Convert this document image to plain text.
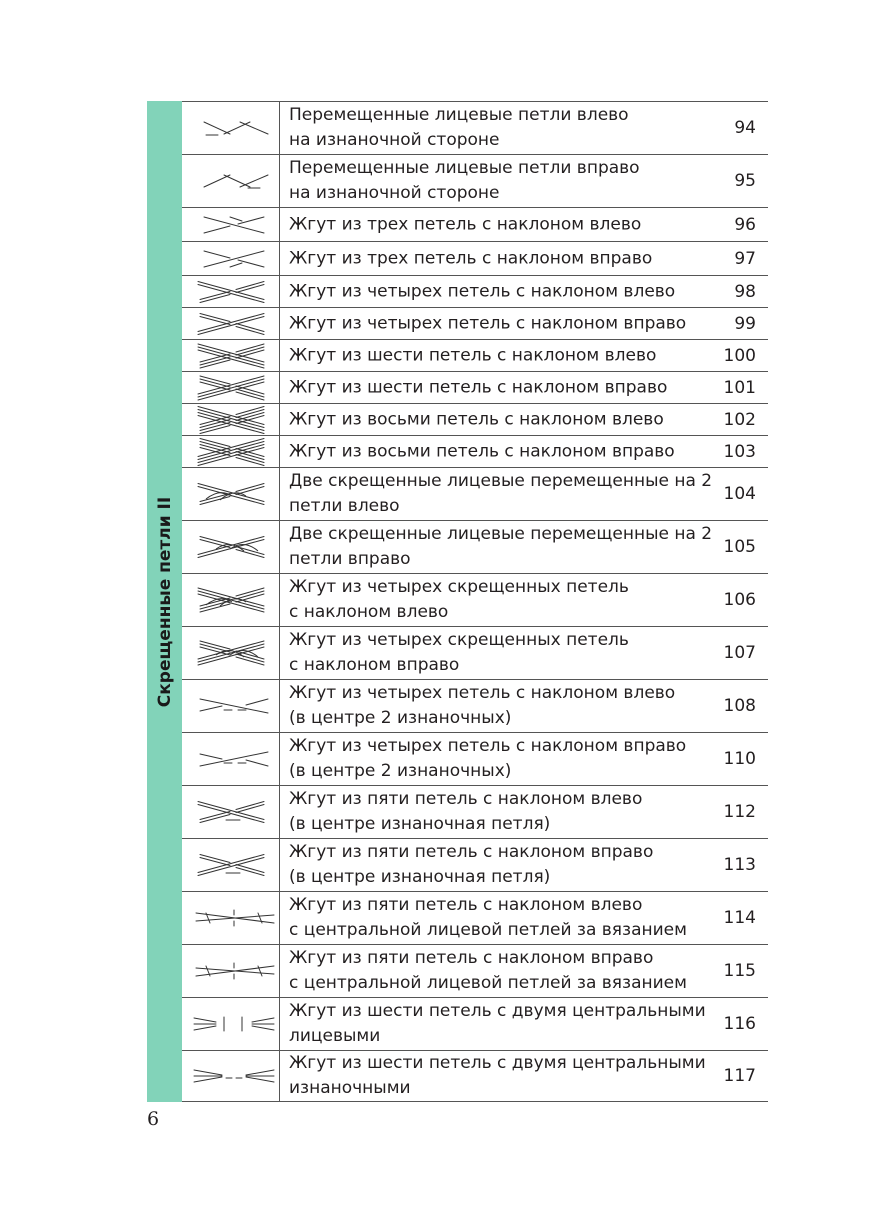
Скрещенные петли II
Перемещенные лицевые петли влево
на изнаночной стороне
94
Перемещенные лицевые петли вправо
на изнаночной стороне
95
Жгут из трех петель с наклоном влево	96
Жгут из трех петель с наклоном вправо	97
Жгут из четырех петель с наклоном влево	98
Жгут из четырех петель с наклоном вправо	99
Жгут из шести петель с наклоном влево	100
Жгут из шести петель с наклоном вправо	101
Жгут из восьми петель с наклоном влево	102
Жгут из восьми петель с наклоном вправо	103
Две скрещенные лицевые перемещенные на 2
петли влево
104
Две скрещенные лицевые перемещенные на 2
петли вправо
105
Жгут из четырех скрещенных петель
с наклоном влево
106
Жгут из четырех скрещенных петель
с наклоном вправо
107
Жгут из четырех петель с наклоном влево
(в центре 2 изнаночных)
108
Жгут из четырех петель с наклоном вправо
(в центре 2 изнаночных)
110
Жгут из пяти петель с наклоном влево
(в центре изнаночная петля)
112
Жгут из пяти петель с наклоном вправо
(в центре изнаночная петля)
113
Жгут из пяти петель с наклоном влево
с центральной лицевой петлей за вязанием
114
Жгут из пяти петель с наклоном вправо
с центральной лицевой петлей за вязанием
115
Жгут из шести петель с двумя центральными
лицевыми
116
Жгут из шести петель с двумя центральными
изнаночными
117
6
